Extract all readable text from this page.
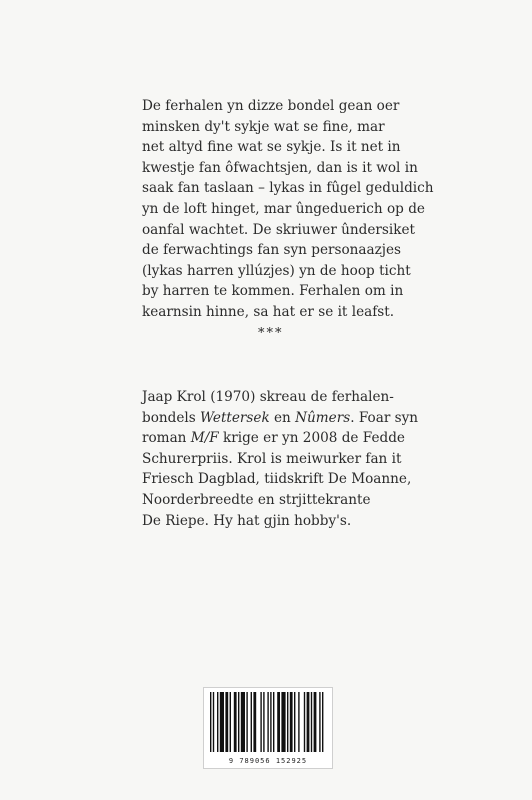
De ferhalen yn dizze bondel gean oer
minsken dy't sykje wat se fine, mar
net altyd fine wat se sykje. Is it net in
kwestje fan ôfwachtsjen, dan is it wol in
saak fan taslaan – lykas in fûgel geduldich
yn de loft hinget, mar ûngeduerich op de
oanfal wachtet. De skriuwer ûndersiket
de ferwachtings fan syn personaazjes
(lykas harren yllúzjes) yn de hoop ticht
by harren te kommen. Ferhalen om in
kearnsin hinne, sa hat er se it leafst.
***
Jaap Krol (1970) skreau de ferhalen-
bondels Wettersek en Nûmers. Foar syn
roman M/F krige er yn 2008 de Fedde
Schurerpriis. Krol is meiwurker fan it
Friesch Dagblad, tiidskrift De Moanne,
Noorderbreedte en strjittekrante
De Riepe. Hy hat gjin hobby's.
9 789056 152925
